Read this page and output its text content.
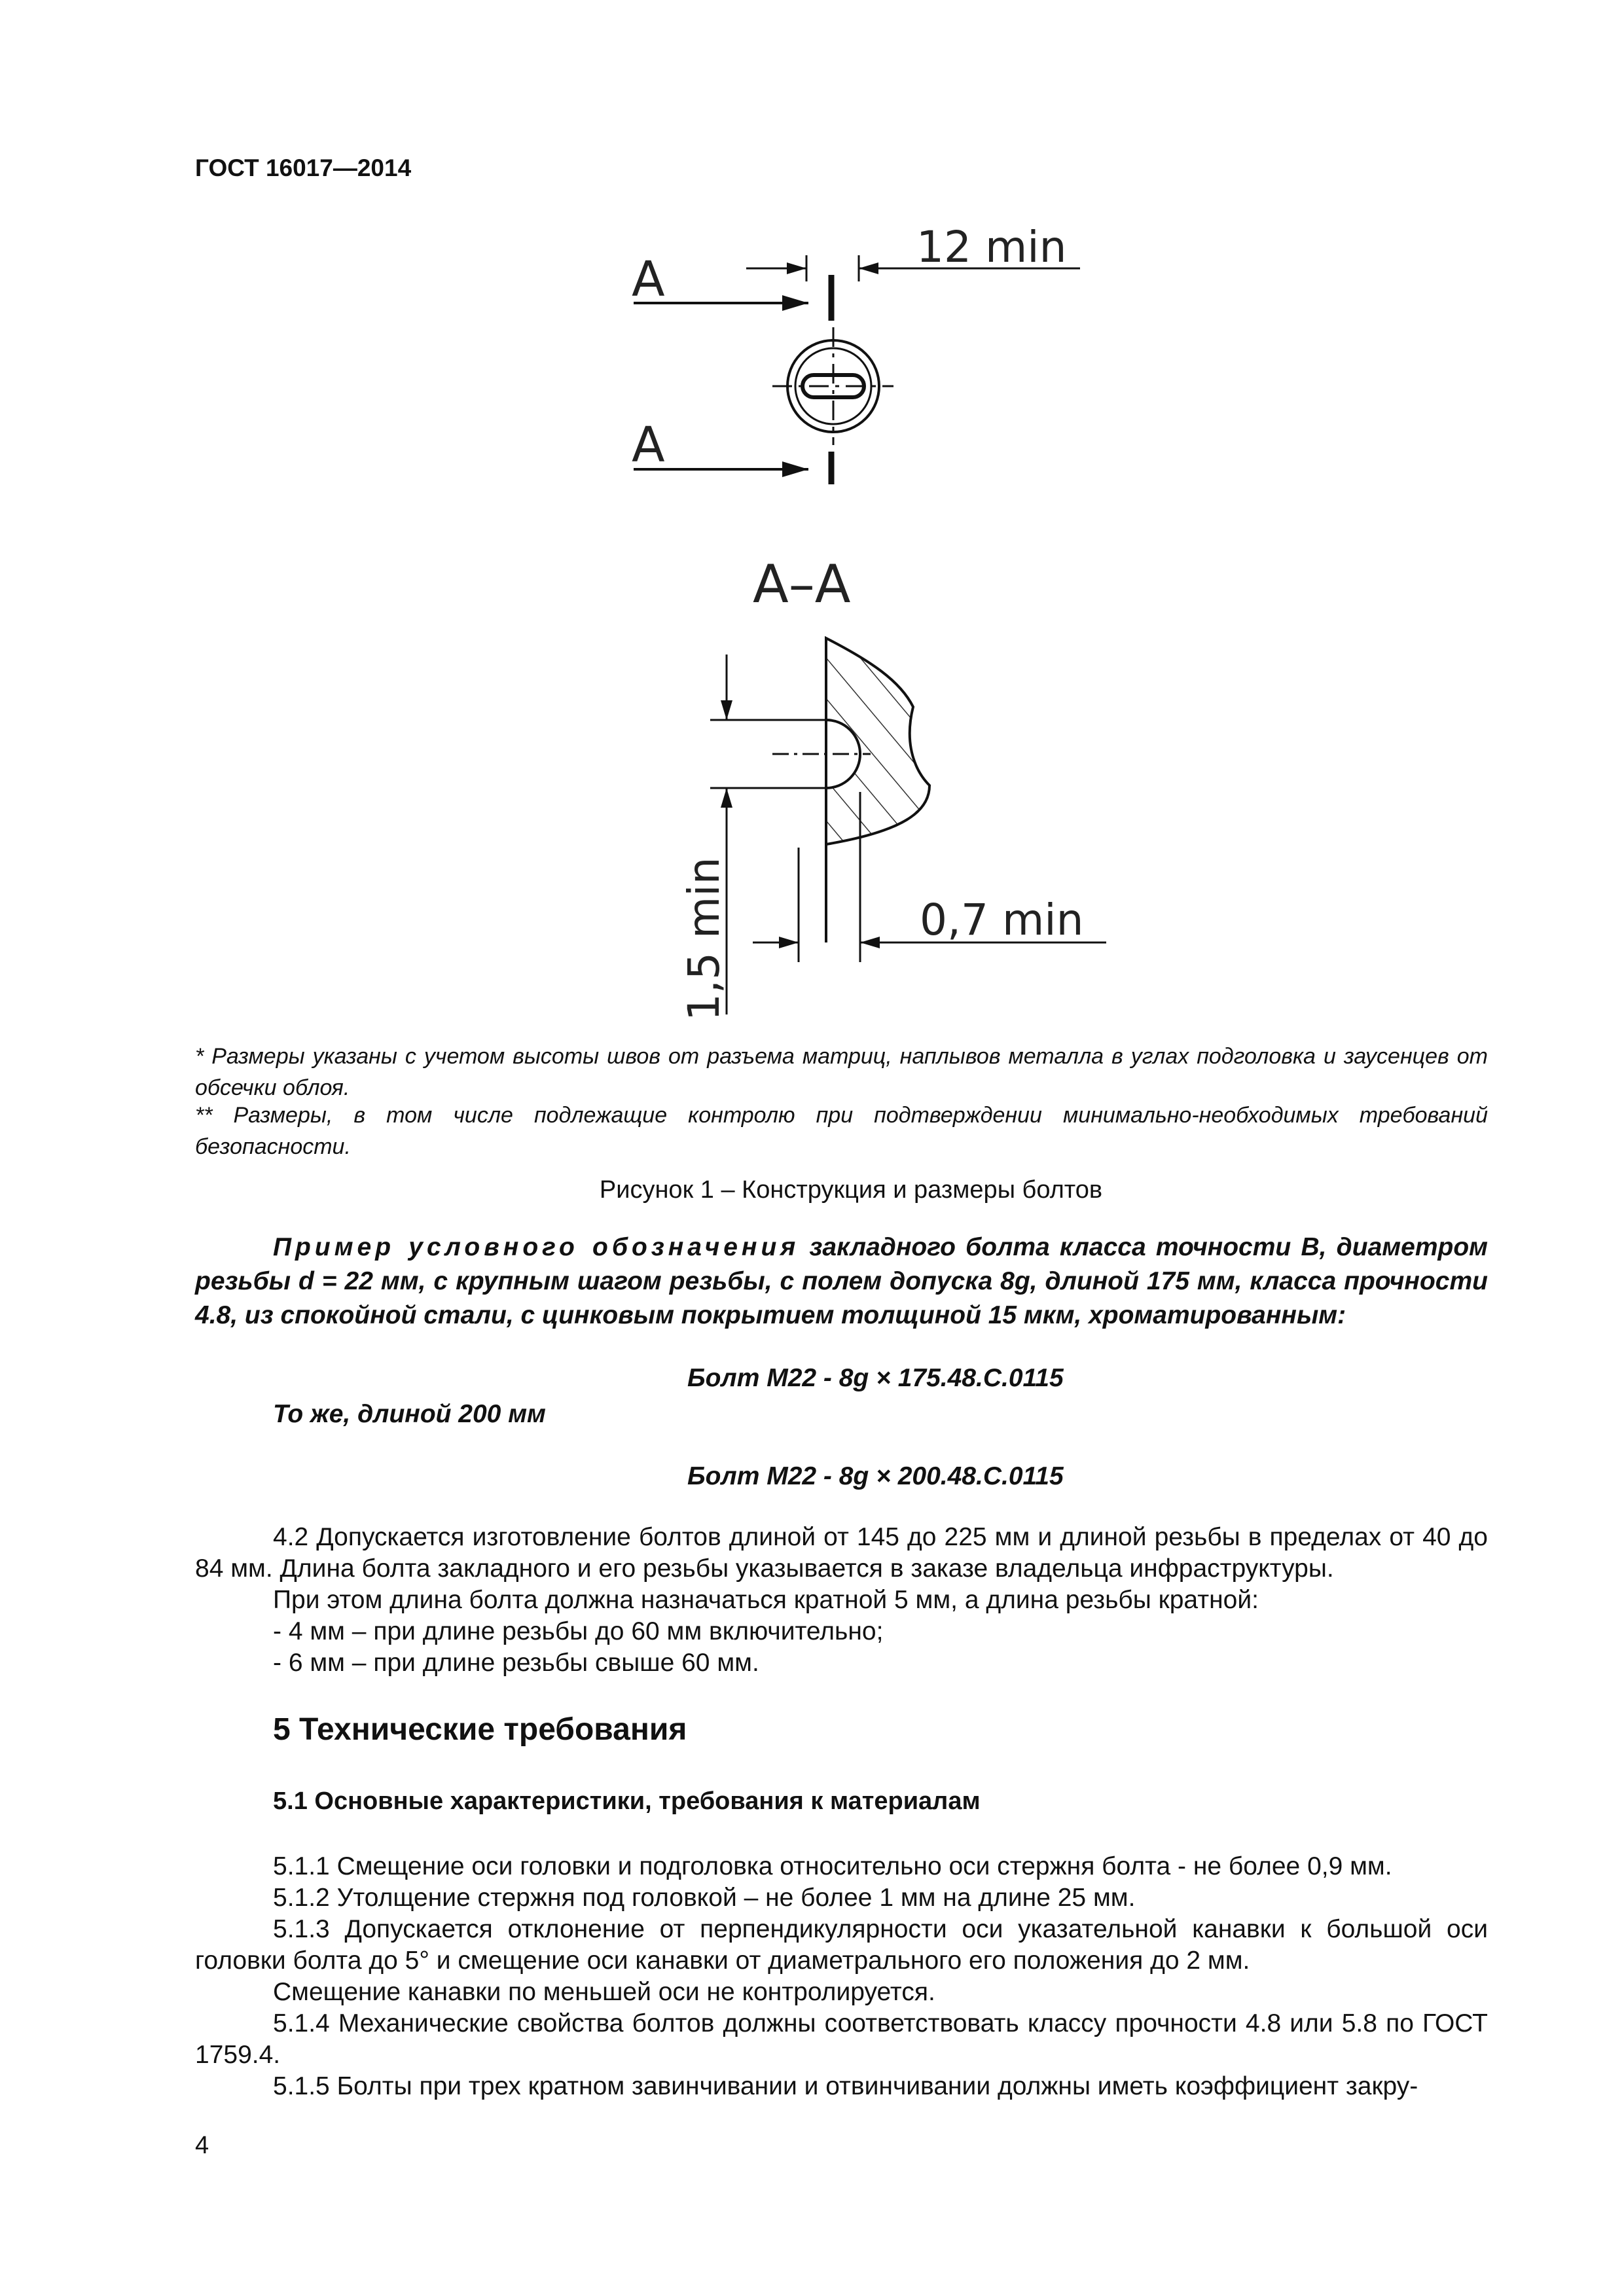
ГОСТ 16017—2014
А
А
12 min
А–А
0,7 min
1,5 min
* Размеры указаны с учетом высоты швов от разъема матриц, наплывов металла в углах подголовка и заусенцев от обсечки облоя.
** Размеры, в том числе подлежащие контролю при подтверждении минимально-необходимых требований безопасности.
Рисунок 1 – Конструкция и размеры болтов
Пример условного обозначения закладного болта класса точности В, диаметром резьбы d = 22 мм, с крупным шагом резьбы, с полем допуска 8g, длиной 175 мм, класса прочности 4.8, из спокойной стали, с цинковым покрытием толщиной 15 мкм, хроматированным:
Болт М22 - 8g × 175.48.С.0115
То же, длиной 200 мм
Болт М22 - 8g × 200.48.С.0115
4.2 Допускается изготовление болтов длиной от 145 до 225 мм и длиной резьбы в пределах от 40 до 84 мм. Длина болта закладного и его резьбы указывается в заказе владельца инфраструктуры.
При этом длина болта должна назначаться кратной 5 мм, а длина резьбы кратной:
- 4 мм – при длине резьбы до 60 мм включительно;
- 6 мм – при длине резьбы свыше 60 мм.
5 Технические требования
5.1 Основные характеристики, требования к материалам
5.1.1 Смещение оси головки и подголовка относительно оси стержня болта - не более 0,9 мм.
5.1.2 Утолщение стержня под головкой – не более 1 мм на длине 25 мм.
5.1.3 Допускается отклонение от перпендикулярности оси указательной канавки к большой оси головки болта до 5° и смещение оси канавки от диаметрального его положения до 2 мм.
Смещение канавки по меньшей оси не контролируется.
5.1.4 Механические свойства болтов должны соответствовать классу прочности 4.8 или 5.8 по ГОСТ 1759.4.
5.1.5 Болты при трех кратном завинчивании и отвинчивании должны иметь коэффициент закру-
4
